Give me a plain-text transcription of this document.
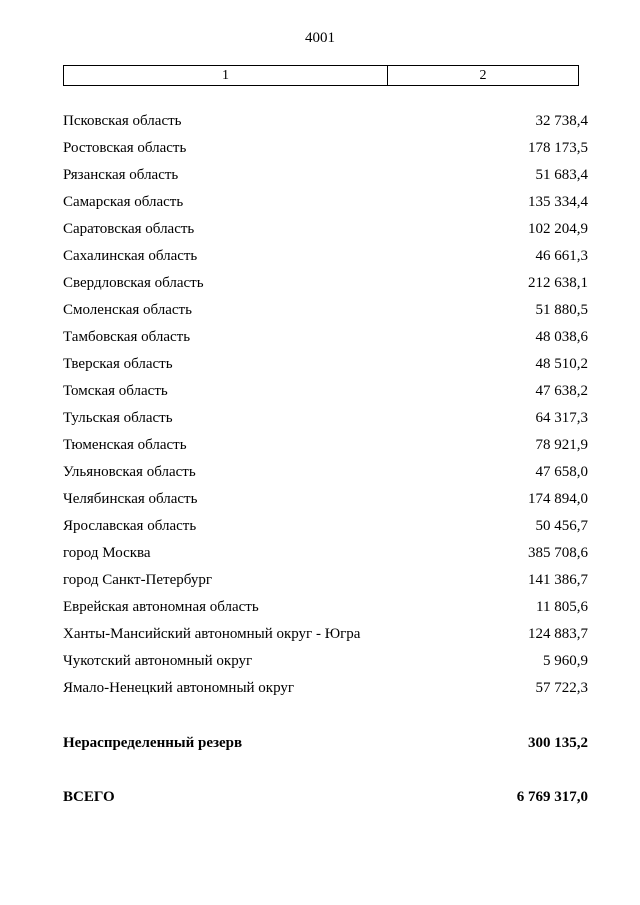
4001
1	2
Псковская область	32 738,4
Ростовская область	178 173,5
Рязанская область	51 683,4
Самарская область	135 334,4
Саратовская область	102 204,9
Сахалинская область	46 661,3
Свердловская область	212 638,1
Смоленская область	51 880,5
Тамбовская область	48 038,6
Тверская область	48 510,2
Томская область	47 638,2
Тульская область	64 317,3
Тюменская область	78 921,9
Ульяновская область	47 658,0
Челябинская область	174 894,0
Ярославская область	50 456,7
город Москва	385 708,6
город Санкт-Петербург	141 386,7
Еврейская автономная область	11 805,6
Ханты-Мансийский автономный округ - Югра	124 883,7
Чукотский автономный округ	5 960,9
Ямало-Ненецкий автономный округ	57 722,3
Нераспределенный резерв	300 135,2
ВСЕГО	6 769 317,0
